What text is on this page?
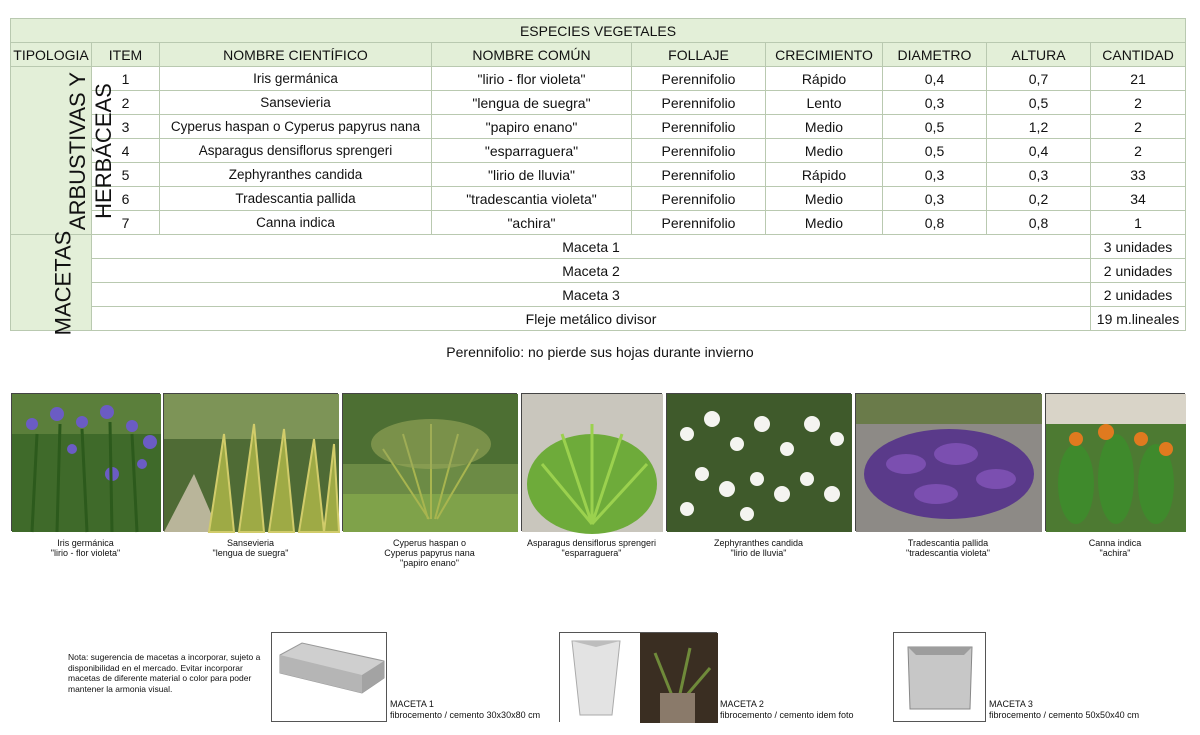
ESPECIES VEGETALES								
TIPOLOGIA	ITEM	NOMBRE CIENTÍFICO	NOMBRE COMÚN	FOLLAJE	CRECIMIENTO	DIAMETRO	ALTURA	CANTIDAD
ARBUSTIVAS Y HERBÁCEAS	1	Iris germánica	"lirio - flor violeta"	Perennifolio	Rápido	0,4	0,7	21
	2	Sansevieria	"lengua de suegra"	Perennifolio	Lento	0,3	0,5	2
	3	Cyperus haspan o Cyperus papyrus nana	"papiro enano"	Perennifolio	Medio	0,5	1,2	2
	4	Asparagus densiflorus sprengeri	"esparraguera"	Perennifolio	Medio	0,5	0,4	2
	5	Zephyranthes candida	"lirio de lluvia"	Perennifolio	Rápido	0,3	0,3	33
	6	Tradescantia pallida	"tradescantia violeta"	Perennifolio	Medio	0,3	0,2	34
	7	Canna indica	"achira"	Perennifolio	Medio	0,8	0,8	1
MACETAS	Maceta 1							3 unidades
	Maceta 2							2 unidades
	Maceta 3							2 unidades
	Fleje metálico divisor							19 m.lineales
Perennifolio: no pierde sus hojas durante invierno
Iris germánica
"lirio - flor violeta"
Sansevieria
"lengua de suegra"
Cyperus haspan o
Cyperus papyrus nana
"papiro enano"
Asparagus densiflorus sprengeri
"esparraguera"
Zephyranthes candida
"lirio de lluvia"
Tradescantia pallida
"tradescantia violeta"
Canna indica
"achira"
Nota: sugerencia de macetas a incorporar, sujeto a disponibilidad en el mercado. Evitar incorporar macetas de diferente material o color para poder mantener la armonia visual.
MACETA 1
fibrocemento / cemento 30x30x80 cm
MACETA 2
fibrocemento / cemento idem foto
MACETA 3
fibrocemento / cemento 50x50x40 cm
